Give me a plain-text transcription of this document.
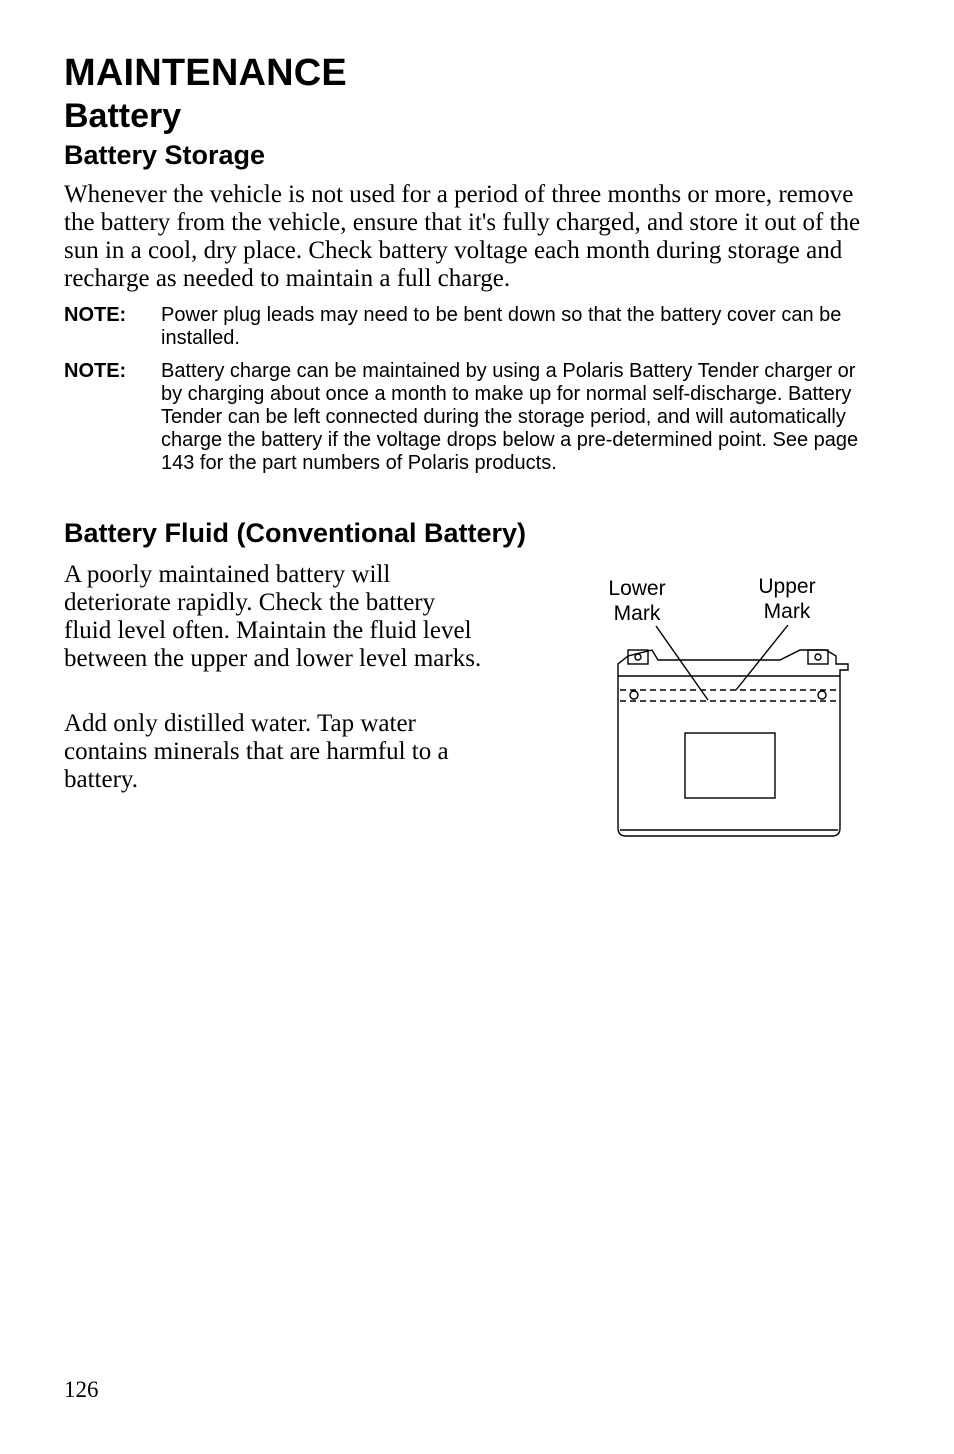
MAINTENANCE
Battery
Battery Storage

Whenever the vehicle is not used for a period of three months or more, remove the battery from the vehicle, ensure that it's fully charged, and store it out of the sun in a cool, dry place. Check battery voltage each month during storage and recharge as needed to maintain a full charge.

NOTE: Power plug leads may need to be bent down so that the battery cover can be installed.
NOTE: Battery charge can be maintained by using a Polaris Battery Tender charger or by charging about once a month to make up for normal self-discharge. Battery Tender can be left connected during the storage period, and will automatically charge the battery if the voltage drops below a pre-determined point. See page 143 for the part numbers of Polaris products.
Battery Fluid (Conventional Battery)

A poorly maintained battery will deteriorate rapidly. Check the battery fluid level often. Maintain the fluid level between the upper and lower level marks.

Add only distilled water. Tap water contains minerals that are harmful to a battery.

Lower
Mark
Upper
Mark
126
